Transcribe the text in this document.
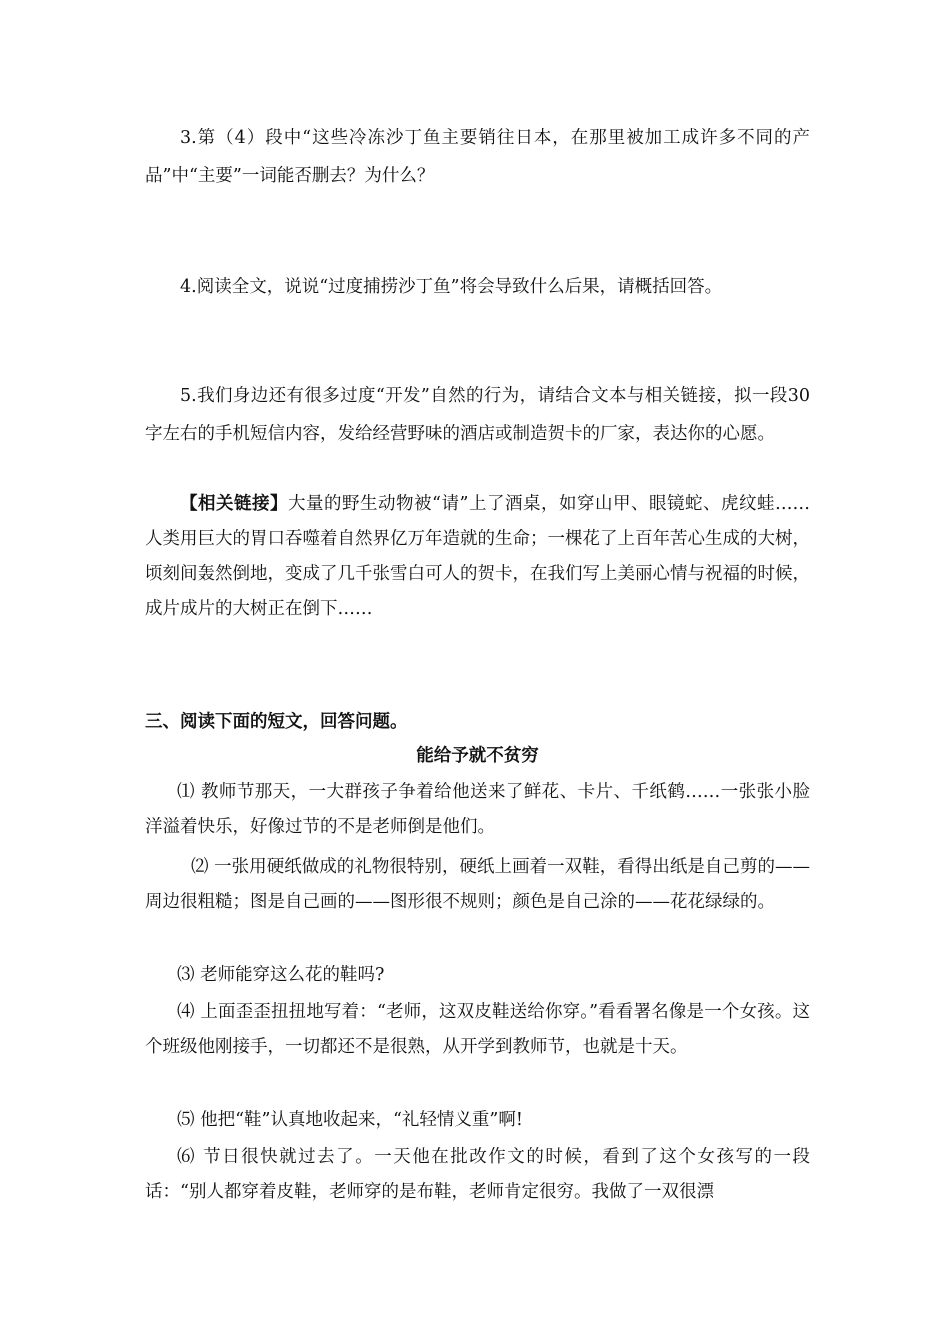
3.第（4）段中“这些冷冻沙丁鱼主要销往日本，在那里被加工成许多不同的产品”中“主要”一词能否删去？为什么？

4.阅读全文，说说“过度捕捞沙丁鱼”将会导致什么后果，请概括回答。

5.我们身边还有很多过度“开发”自然的行为，请结合文本与相关链接，拟一段30字左右的手机短信内容，发给经营野味的酒店或制造贺卡的厂家，表达你的心愿。

【相关链接】大量的野生动物被“请”上了酒桌，如穿山甲、眼镜蛇、虎纹蛙……人类用巨大的胃口吞噬着自然界亿万年造就的生命；一棵花了上百年苦心生成的大树，顷刻间轰然倒地，变成了几千张雪白可人的贺卡，在我们写上美丽心情与祝福的时候，成片成片的大树正在倒下……

三、阅读下面的短文，回答问题。

能给予就不贫穷

⑴ 教师节那天，一大群孩子争着给他送来了鲜花、卡片、千纸鹤……一张张小脸洋溢着快乐，好像过节的不是老师倒是他们。

⑵ 一张用硬纸做成的礼物很特别，硬纸上画着一双鞋，看得出纸是自己剪的——周边很粗糙；图是自己画的——图形很不规则；颜色是自己涂的——花花绿绿的。

⑶ 老师能穿这么花的鞋吗?

⑷ 上面歪歪扭扭地写着：“老师，这双皮鞋送给你穿。”看看署名像是一个女孩。这个班级他刚接手，一切都还不是很熟，从开学到教师节，也就是十天。

⑸ 他把“鞋”认真地收起来，“礼轻情义重”啊!

⑹ 节日很快就过去了。一天他在批改作文的时候，看到了这个女孩写的一段话：“别人都穿着皮鞋，老师穿的是布鞋，老师肯定很穷。我做了一双很漂
